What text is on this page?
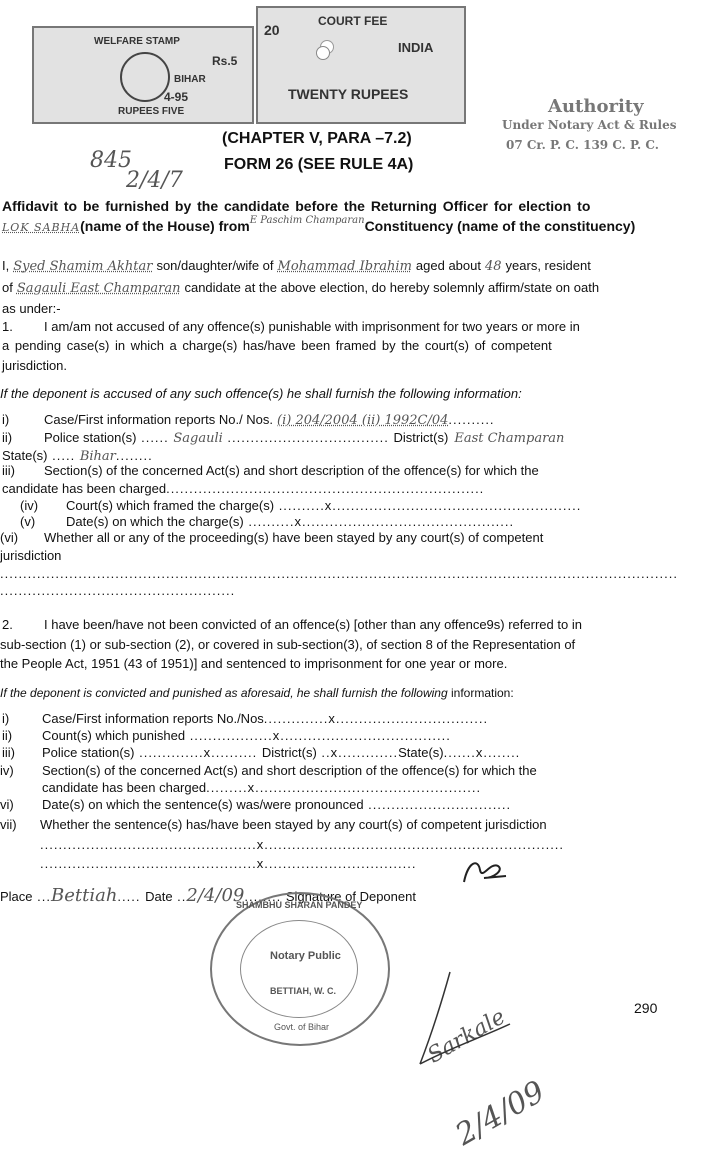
WELFARE STAMP
Rs.5
BIHAR
4-95
RUPEES FIVE
20
COURT FEE
INDIA
TWENTY RUPEES
(CHAPTER V, PARA –7.2)
FORM 26 (SEE RULE 4A)
845
2/4/7
Authority
Under Notary Act & Rules
07 Cr. P. C. 139 C. P. C.
Affidavit to be furnished by the candidate before the Returning Officer for election to
LOK SABHA(name of the House) from$^{E Paschim Champaran}$Constituency (name of the constituency)
I, Syed Shamim Akhtar son/daughter/wife of Mohammad Ibrahim aged about 48 years, resident
of Sagauli East Champaran candidate at the above election, do hereby solemnly affirm/state on oath
as under:-
1. I am/am not accused of any offence(s) punishable with imprisonment for two years or more in
a pending case(s) in which a charge(s) has/have been framed by the court(s) of competent
jurisdiction.
If the deponent is accused of any such offence(s) he shall furnish the following information:
i)	Case/First information reports No./ Nos. (i) 204/2004 (ii) 1992C/04..........
ii) Police station(s) ...... Sagauli ................................... District(s) East Champaran
State(s) ..... Bihar........
iii) Section(s) of the concerned Act(s) and short description of the offence(s) for which the
candidate has been charged.....................................................................
(iv) Court(s) which framed the charge(s) ..........x......................................................
(v) Date(s) on which the charge(s) ..........x..............................................
(vi) Whether all or any of the proceeding(s) have been stayed by any court(s) of competent
jurisdiction
...................................................................................................................................................
...................................................
2. I have been/have not been convicted of an offence(s) [other than any offence9s) referred to in
sub-section (1) or sub-section (2), or covered in sub-section(3), of section 8 of the Representation of
the People Act, 1951 (43 of 1951)] and sentenced to imprisonment for one year or more.
If the deponent is convicted and punished as aforesaid, he shall furnish the following information:
i)	Case/First information reports No./Nos..............x.................................
ii) Count(s) which punished ..................x.....................................
iii) Police station(s) ..............x.......... District(s) ..x.............State(s).......x........
iv) Section(s) of the concerned Act(s) and short description of the offence(s) for which the
candidate has been charged.........x.................................................
vi) Date(s) on which the sentence(s) was/were pronounced ...............................
vii) Whether the sentence(s) has/have been stayed by any court(s) of competent jurisdiction
...............................................x.................................................................
...............................................x.................................
Place ...Bettiah..... Date ..2/4/09........ Signature of Deponent
SHAMBHU SHARAN PANDEY
Notary Public
BETTIAH, W. C.
Govt. of Bihar
290
Sarkale
2/4/09
